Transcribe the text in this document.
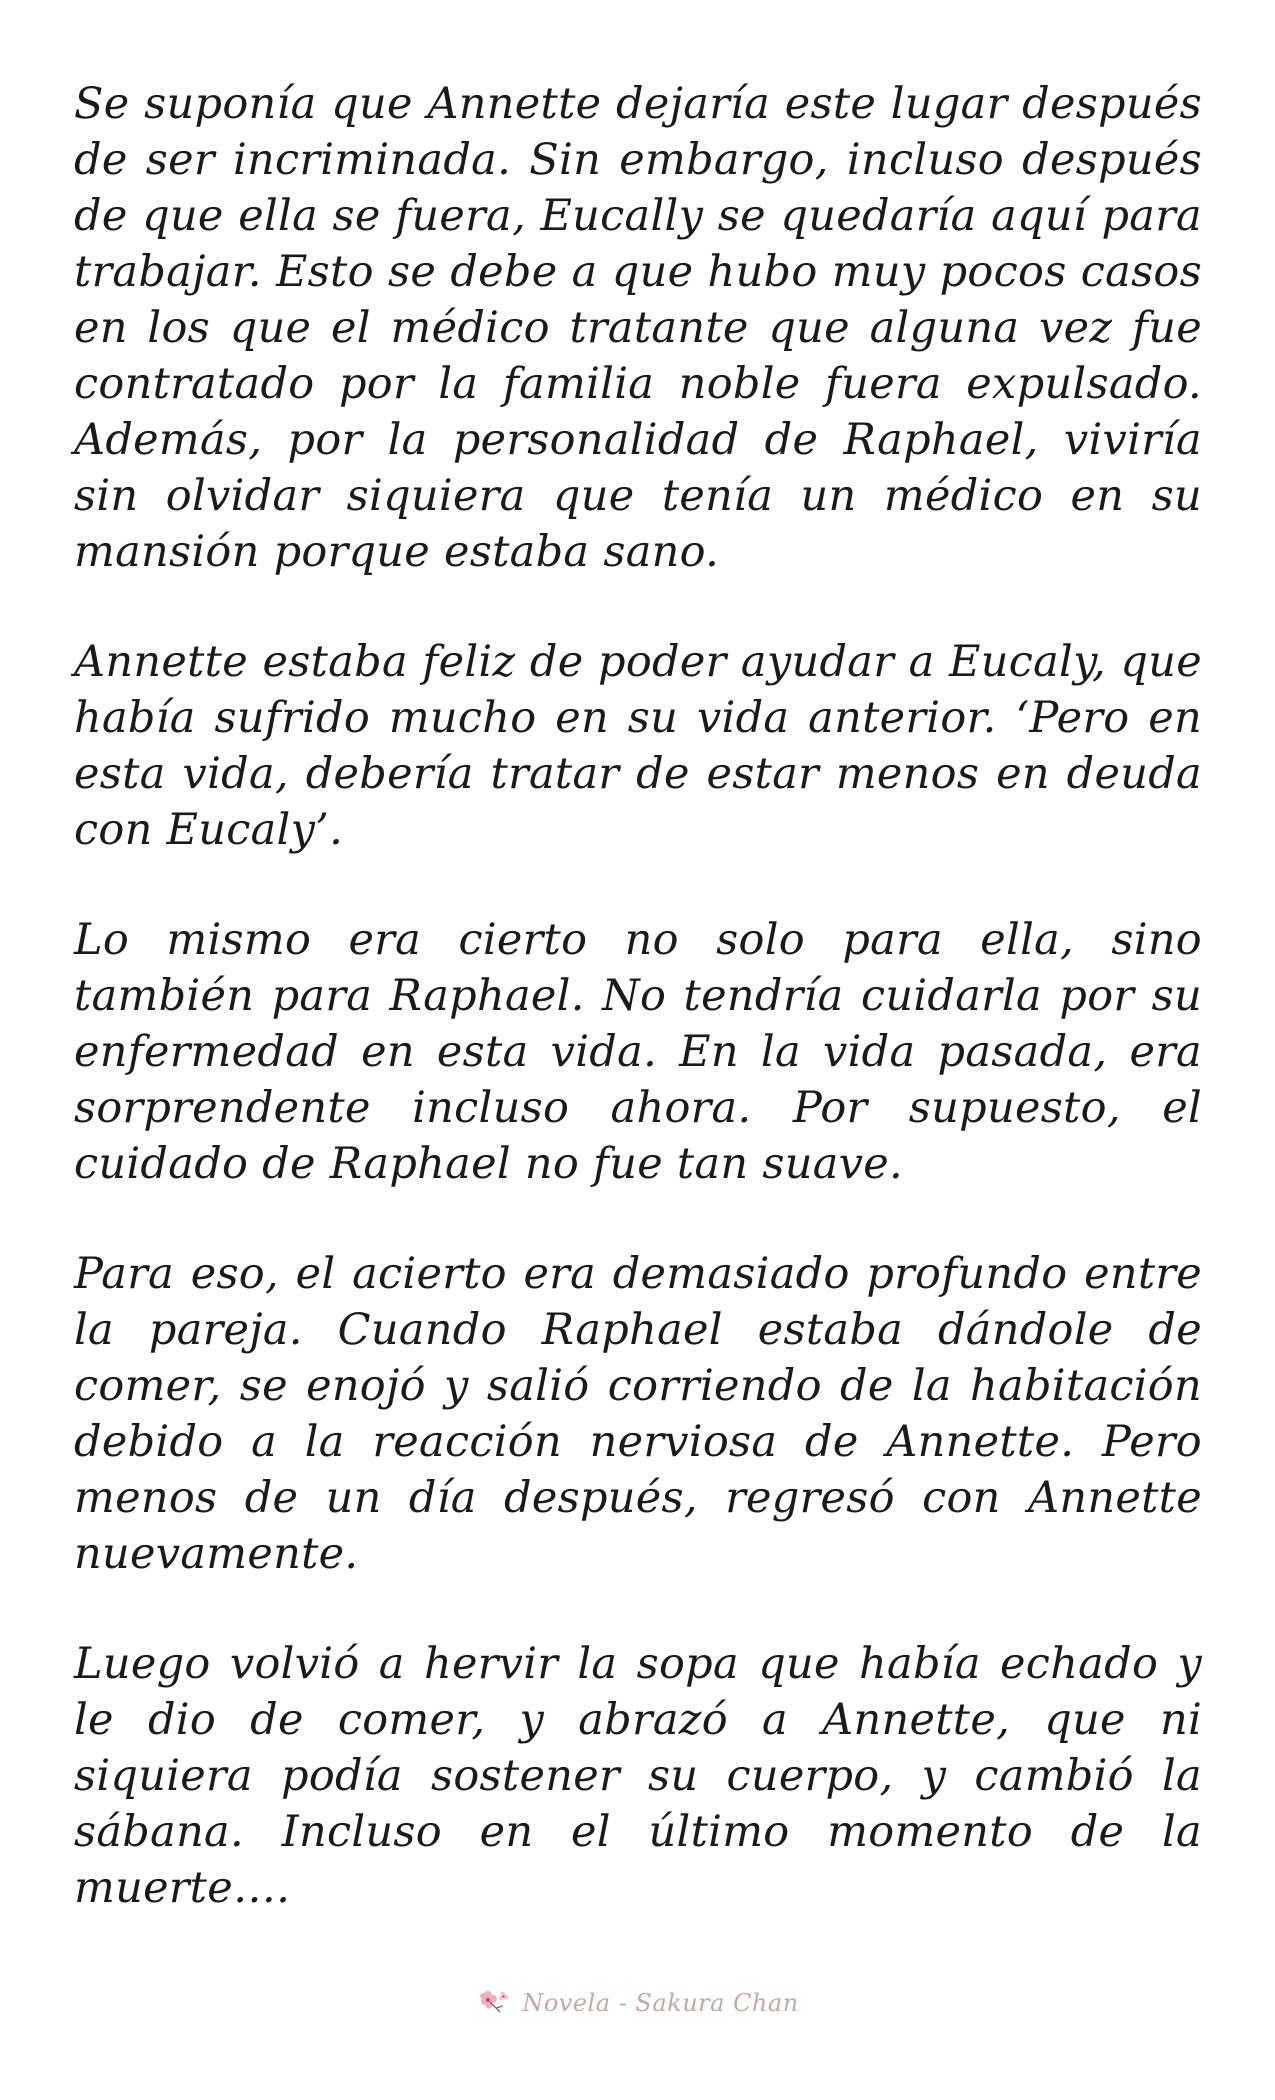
Se suponía que Annette dejaría este lugar después de ser incriminada. Sin embargo, incluso después de que ella se fuera, Eucally se quedaría aquí para trabajar. Esto se debe a que hubo muy pocos casos en los que el médico tratante que alguna vez fue contratado por la familia noble fuera expulsado. Además, por la personalidad de Raphael, viviría sin olvidar siquiera que tenía un médico en su mansión porque estaba sano.

Annette estaba feliz de poder ayudar a Eucaly, que había sufrido mucho en su vida anterior. ‘Pero en esta vida, debería tratar de estar menos en deuda con Eucaly’.

Lo mismo era cierto no solo para ella, sino también para Raphael. No tendría cuidarla por su enfermedad en esta vida. En la vida pasada, era sorprendente incluso ahora. Por supuesto, el cuidado de Raphael no fue tan suave.

Para eso, el acierto era demasiado profundo entre la pareja. Cuando Raphael estaba dándole de comer, se enojó y salió corriendo de la habitación debido a la reacción nerviosa de Annette. Pero menos de un día después, regresó con Annette nuevamente.

Luego volvió a hervir la sopa que había echado y le dio de comer, y abrazó a Annette, que ni siquiera podía sostener su cuerpo, y cambió la sábana. Incluso en el último momento de la muerte….

Novela - Sakura Chan
